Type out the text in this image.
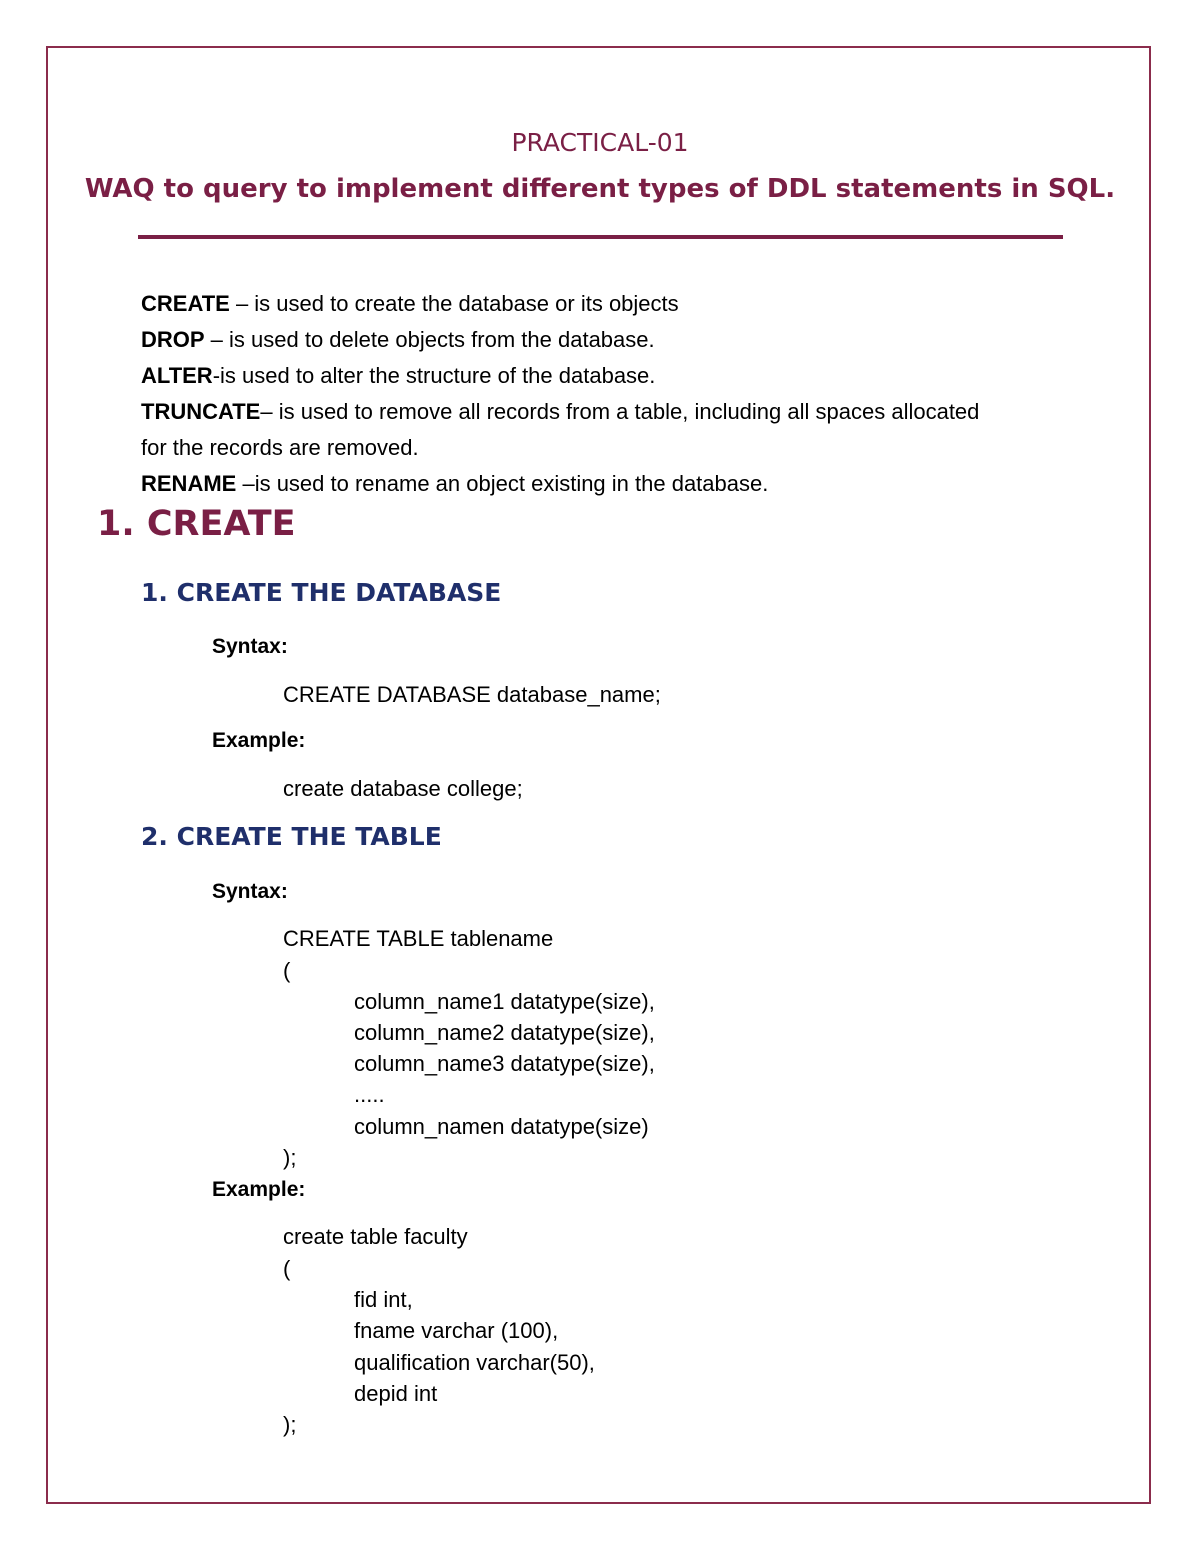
PRACTICAL-01
WAQ to query to implement different types of DDL statements in SQL.
CREATE – is used to create the database or its objects
DROP – is used to delete objects from the database.
ALTER-is used to alter the structure of the database.
TRUNCATE– is used to remove all records from a table, including all spaces allocated
for the records are removed.
RENAME –is used to rename an object existing in the database.
1. CREATE
1. CREATE THE DATABASE
Syntax:
CREATE DATABASE database_name;
Example:
create database college;
2. CREATE THE TABLE
Syntax:
CREATE TABLE tablename
(
column_name1 datatype(size),
column_name2 datatype(size),
column_name3 datatype(size),
.....
column_namen datatype(size)
);
Example:
create table faculty
(
fid int,
fname varchar (100),
qualification varchar(50),
depid int
);
